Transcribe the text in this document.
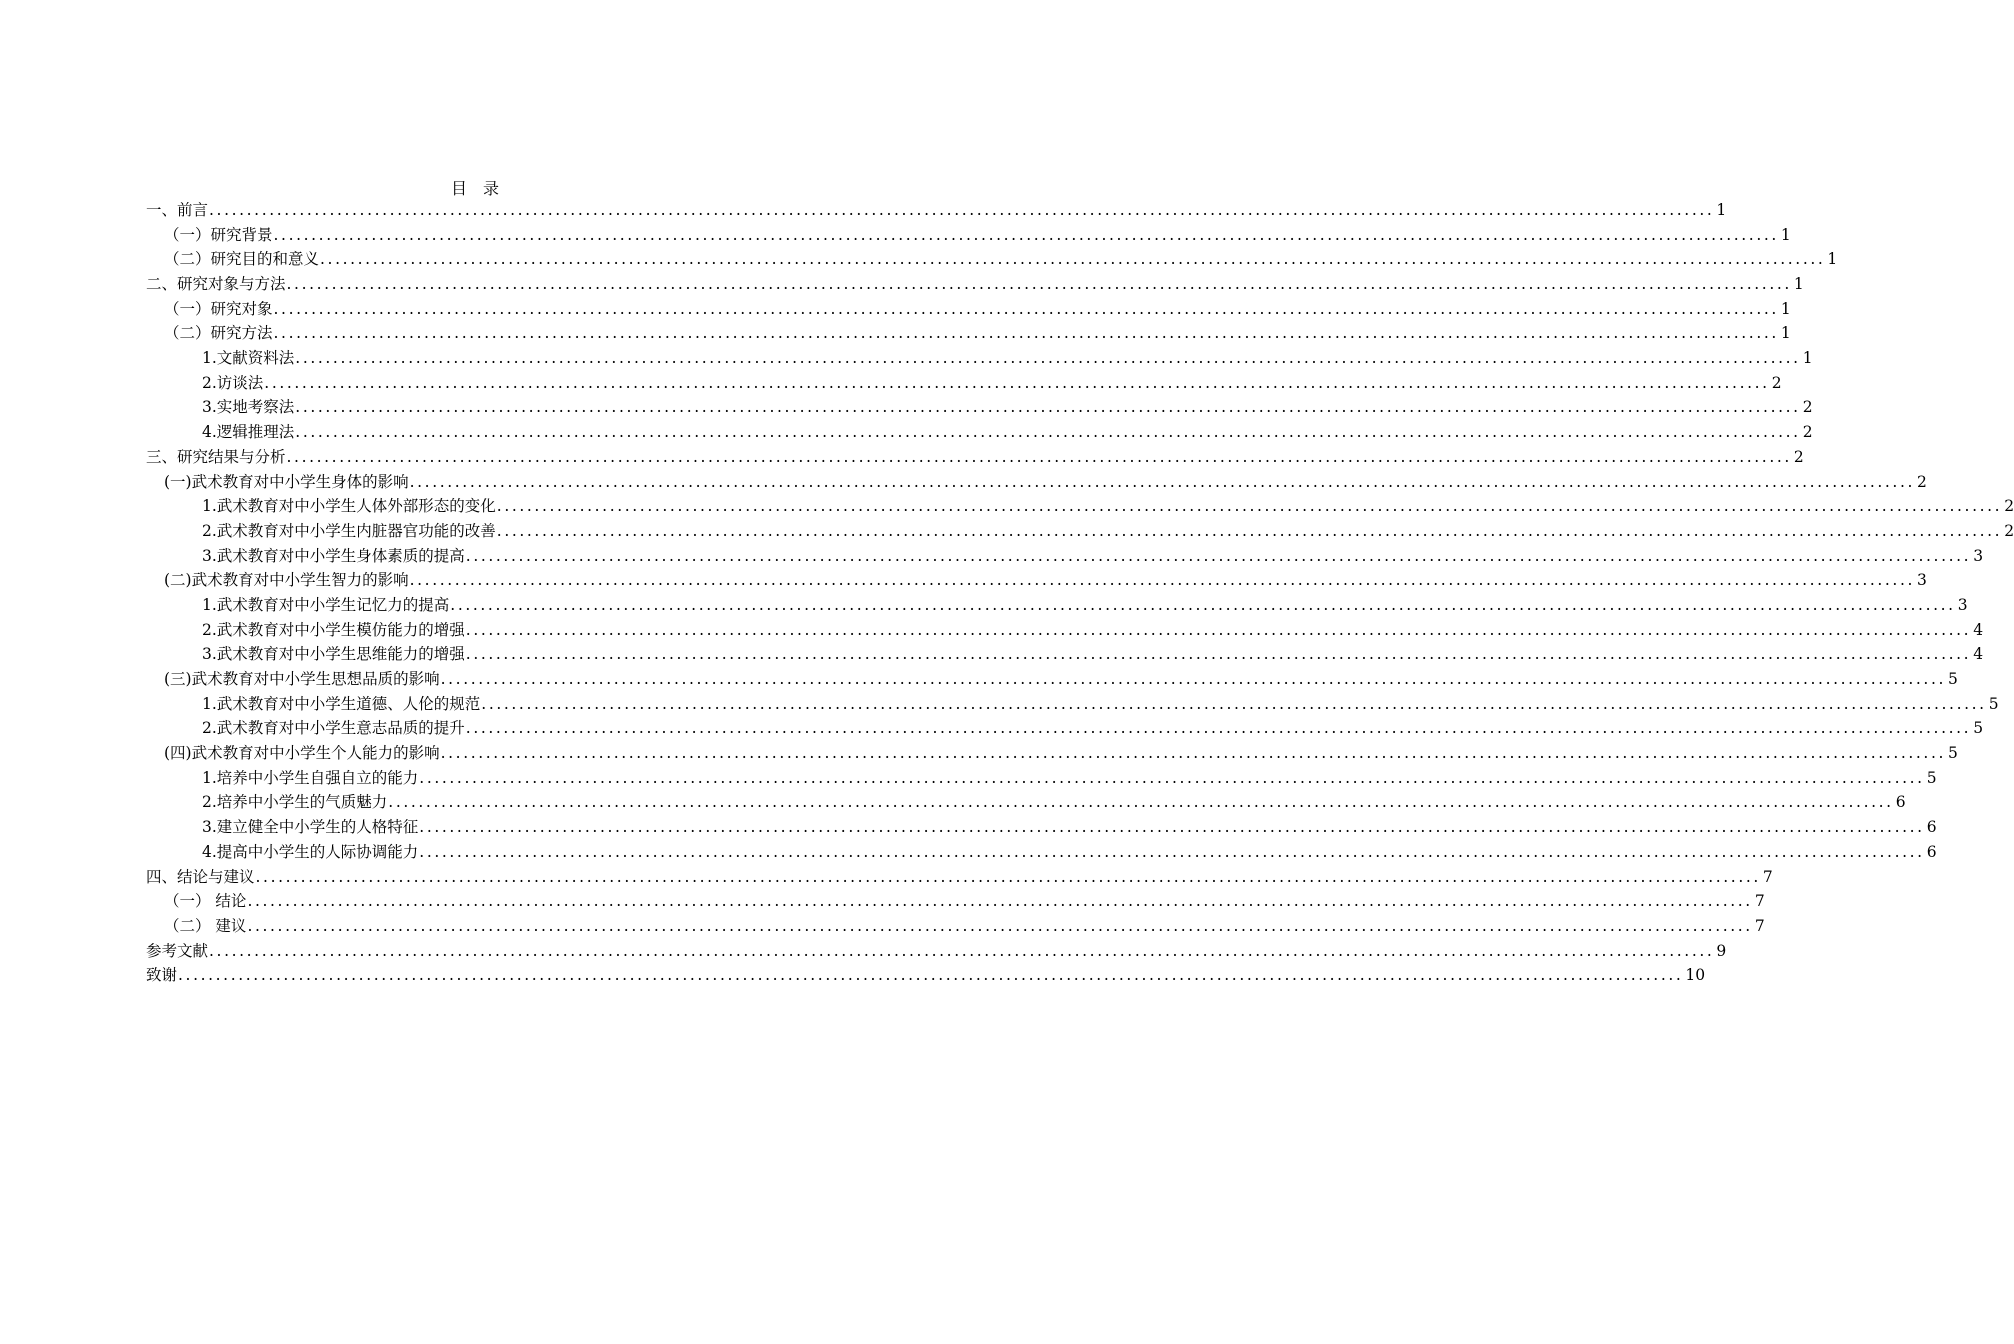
目　录
一、前言 ........................................................................................................................................................................................................ 1
（一）研究背景 ........................................................................................................................................................................................................ 1
（二）研究目的和意义 ........................................................................................................................................................................................................ 1
二、研究对象与方法 ........................................................................................................................................................................................................ 1
（一）研究对象 ........................................................................................................................................................................................................ 1
（二）研究方法 ........................................................................................................................................................................................................ 1
1.文献资料法 ........................................................................................................................................................................................................ 1
2.访谈法 ........................................................................................................................................................................................................ 2
3.实地考察法 ........................................................................................................................................................................................................ 2
4.逻辑推理法 ........................................................................................................................................................................................................ 2
三、研究结果与分析 ........................................................................................................................................................................................................ 2
(一)武术教育对中小学生身体的影响 ........................................................................................................................................................................................................ 2
1.武术教育对中小学生人体外部形态的变化 ........................................................................................................................................................................................................ 2
2.武术教育对中小学生内脏器官功能的改善 ........................................................................................................................................................................................................ 2
3.武术教育对中小学生身体素质的提高 ........................................................................................................................................................................................................ 3
(二)武术教育对中小学生智力的影响 ........................................................................................................................................................................................................ 3
1.武术教育对中小学生记忆力的提高 ........................................................................................................................................................................................................ 3
2.武术教育对中小学生模仿能力的增强 ........................................................................................................................................................................................................ 4
3.武术教育对中小学生思维能力的增强 ........................................................................................................................................................................................................ 4
(三)武术教育对中小学生思想品质的影响 ........................................................................................................................................................................................................ 5
1.武术教育对中小学生道德、人伦的规范 ........................................................................................................................................................................................................ 5
2.武术教育对中小学生意志品质的提升 ........................................................................................................................................................................................................ 5
(四)武术教育对中小学生个人能力的影响 ........................................................................................................................................................................................................ 5
1.培养中小学生自强自立的能力 ........................................................................................................................................................................................................ 5
2.培养中小学生的气质魅力 ........................................................................................................................................................................................................ 6
3.建立健全中小学生的人格特征 ........................................................................................................................................................................................................ 6
4.提高中小学生的人际协调能力 ........................................................................................................................................................................................................ 6
四、结论与建议 ........................................................................................................................................................................................................ 7
（一） 结论 ........................................................................................................................................................................................................ 7
（二） 建议 ........................................................................................................................................................................................................ 7
参考文献 ........................................................................................................................................................................................................ 9
致谢 ........................................................................................................................................................................................................ 10
